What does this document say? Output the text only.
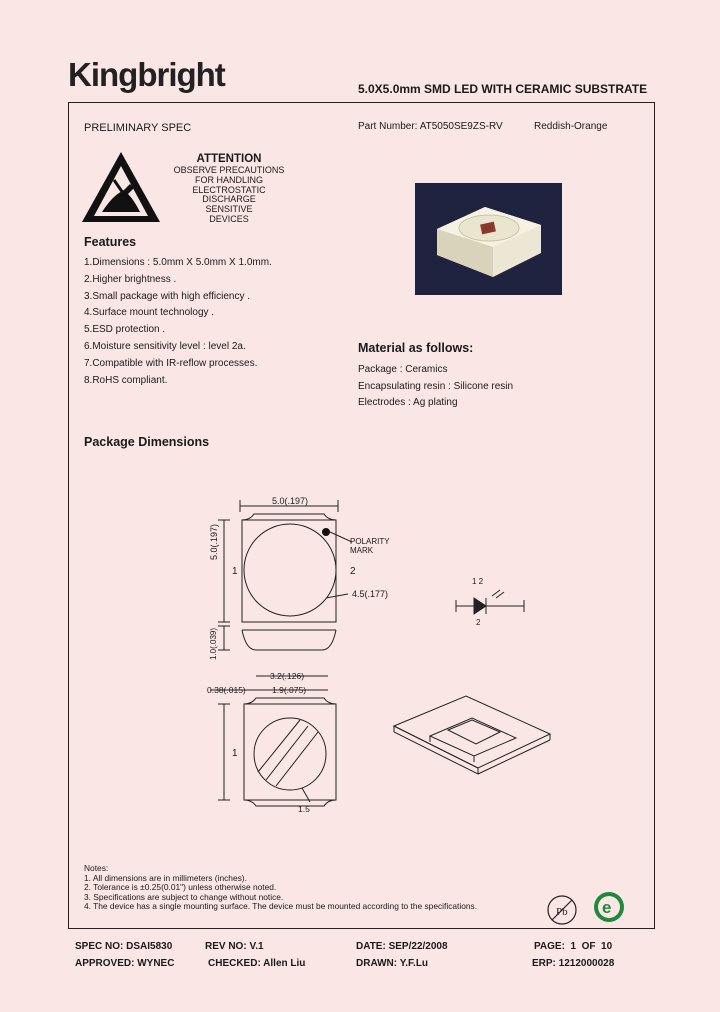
Kingbright	5.0X5.0mm SMD LED WITH CERAMIC SUBSTRATE
PRELIMINARY SPEC	Part Number: AT5050SE9ZS-RV	Reddish-Orange
ATTENTION
OBSERVE PRECAUTIONS
FOR HANDLING
ELECTROSTATIC
DISCHARGE
SENSITIVE
DEVICES
Features
1.Dimensions : 5.0mm X 5.0mm X 1.0mm.
2.Higher brightness .
3.Small package with high efficiency .
4.Surface mount technology .
5.ESD protection .
6.Moisture sensitivity level : level 2a.
7.Compatible with IR-reflow processes.
8.RoHS compliant.
Material as follows:
Package : Ceramics
Encapsulating resin : Silicone resin
Electrodes : Ag plating
Package Dimensions
5.0(.197)
POLARITY MARK
5.0(.197)
1	2
4.5(.177)
1.0(.039)
1 2
2
3.2(.126)
0.38(.015)	1.9(.075)
1
1.5
Notes:
1. All dimensions are in millimeters (inches).
2. Tolerance is ±0.25(0.01") unless otherwise noted.
3. Specifications are subject to change without notice.
4. The device has a single mounting surface. The device must be mounted according to the specifications.	Pb e
SPEC NO: DSAI5830	REV NO: V.1	DATE: SEP/22/2008	PAGE:  1  OF  10
APPROVED: WYNEC	CHECKED: Allen Liu	DRAWN: Y.F.Lu	ERP: 1212000028
